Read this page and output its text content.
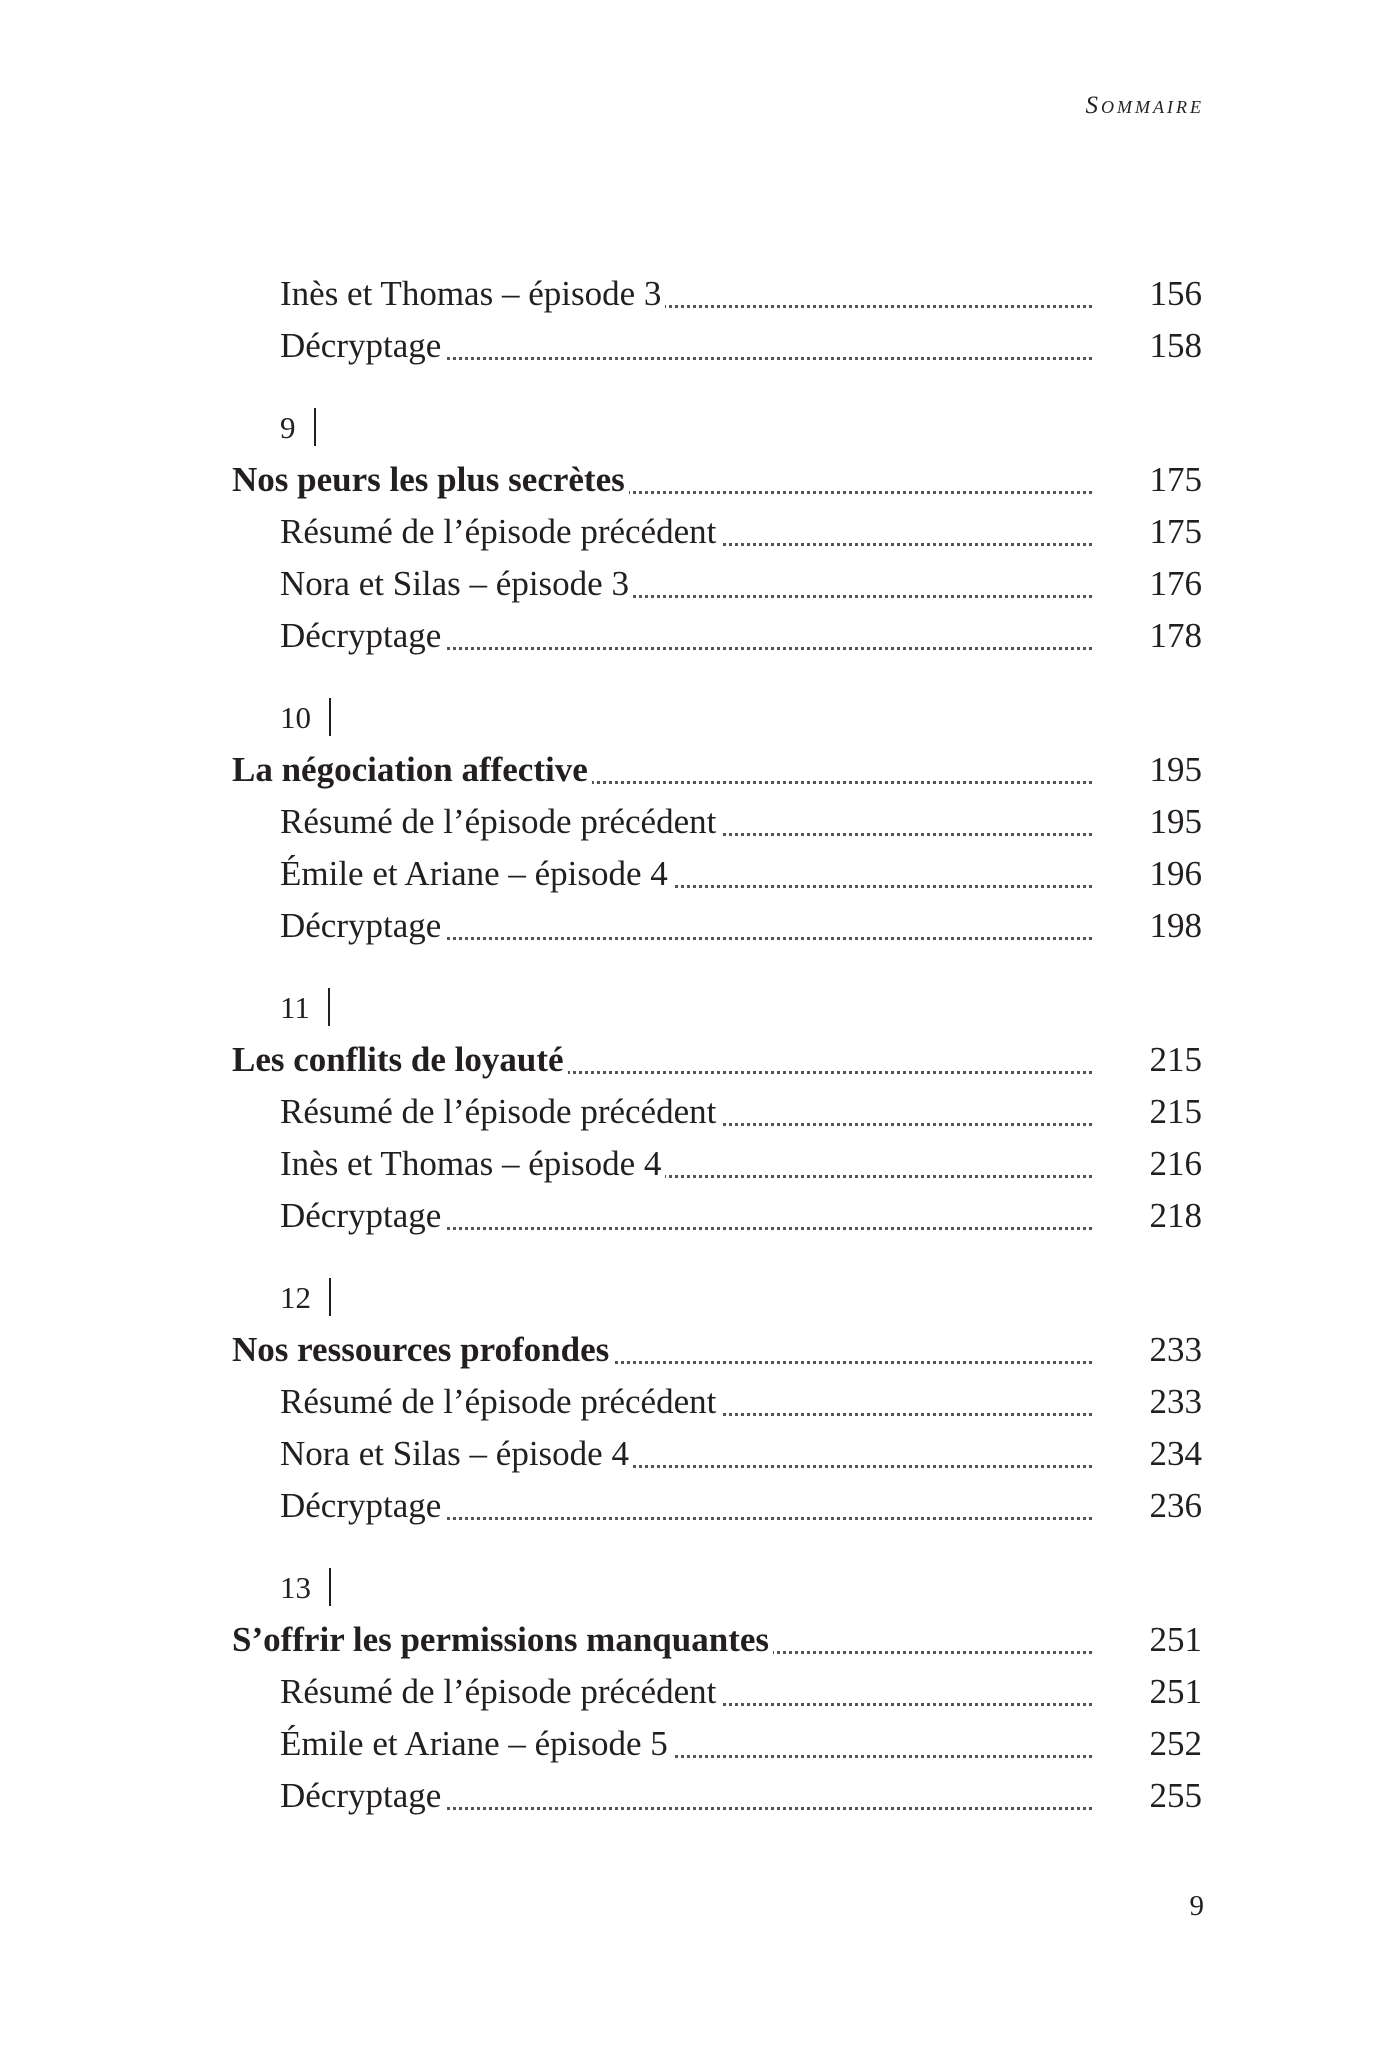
Sommaire
Inès et Thomas – épisode 3	156
Décryptage	158
9
Nos peurs les plus secrètes	175
Résumé de l’épisode précédent	175
Nora et Silas – épisode 3	176
Décryptage	178
10
La négociation affective	195
Résumé de l’épisode précédent	195
Émile et Ariane – épisode 4	196
Décryptage	198
11
Les conflits de loyauté	215
Résumé de l’épisode précédent	215
Inès et Thomas – épisode 4	216
Décryptage	218
12
Nos ressources profondes	233
Résumé de l’épisode précédent	233
Nora et Silas – épisode 4	234
Décryptage	236
13
S’offrir les permissions manquantes	251
Résumé de l’épisode précédent	251
Émile et Ariane – épisode 5	252
Décryptage	255
9
